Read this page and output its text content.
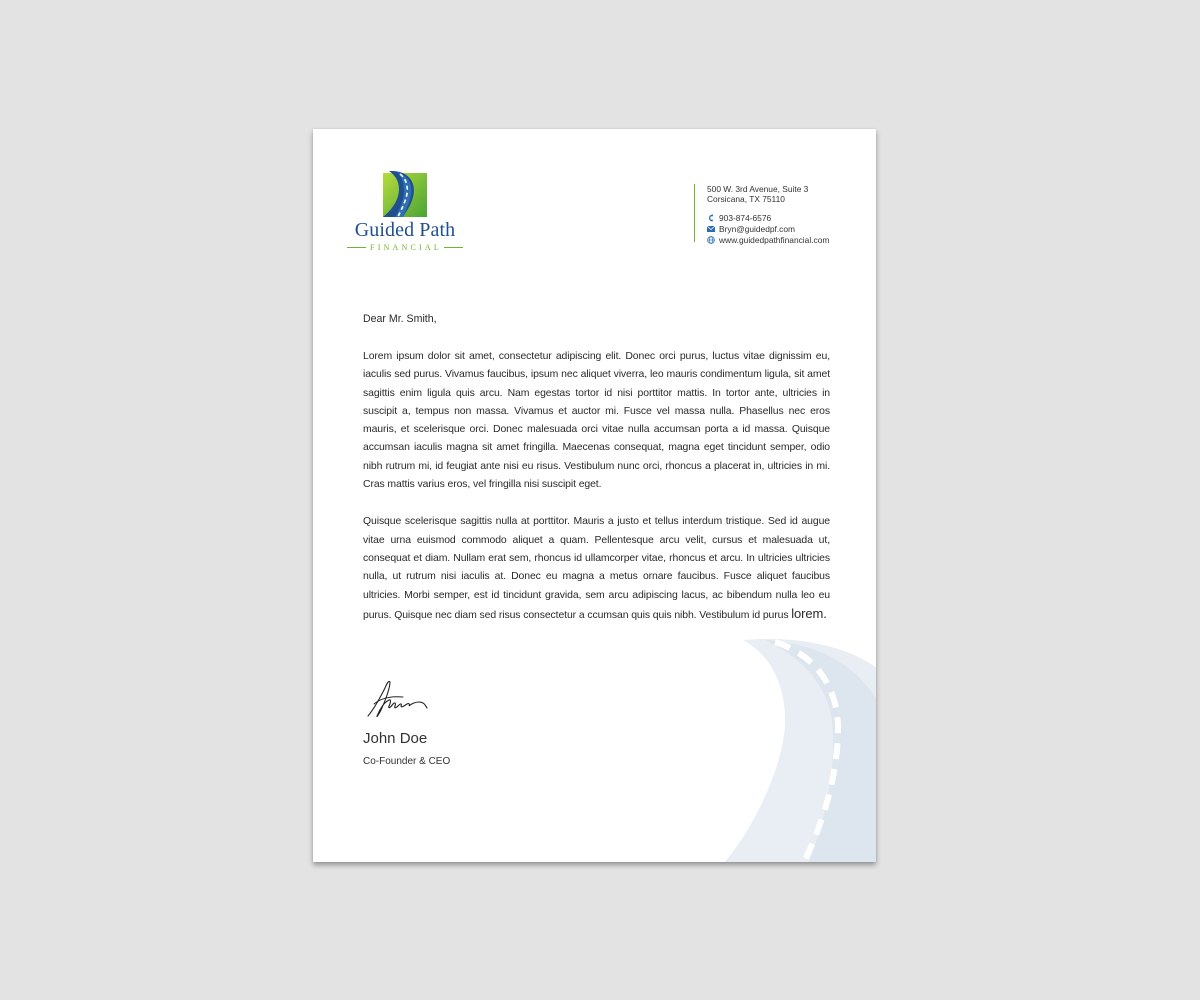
Guided Path
FINANCIAL
500 W. 3rd Avenue, Suite 3
Corsicana, TX 75110
903-874-6576
Bryn@guidedpf.com
www.guidedpathfinancial.com

Dear Mr. Smith,

Lorem ipsum dolor sit amet, consectetur adipiscing elit. Donec orci purus, luctus vitae dignissim eu, iaculis sed purus. Vivamus faucibus, ipsum nec aliquet viverra, leo mauris condimentum ligula, sit amet sagittis enim ligula quis arcu. Nam egestas tortor id nisi porttitor mattis. In tortor ante, ultricies in suscipit a, tempus non massa. Vivamus et auctor mi. Fusce vel massa nulla. Phasellus nec eros mauris, et scelerisque orci. Donec malesuada orci vitae nulla accumsan porta a id massa. Quisque accumsan iaculis magna sit amet fringilla. Maecenas consequat, magna eget tincidunt semper, odio nibh rutrum mi, id feugiat ante nisi eu risus. Vestibulum nunc orci, rhoncus a placerat in, ultricies in mi. Cras mattis varius eros, vel fringilla nisi suscipit eget.

Quisque scelerisque sagittis nulla at porttitor. Mauris a justo et tellus interdum tristique. Sed id augue vitae urna euismod commodo aliquet a quam. Pellentesque arcu velit, cursus et malesuada ut, consequat et diam. Nullam erat sem, rhoncus id ullamcorper vitae, rhoncus et arcu. In ultricies ultricies nulla, ut rutrum nisi iaculis at. Donec eu magna a metus ornare faucibus. Fusce aliquet faucibus ultricies. Morbi semper, est id tincidunt gravida, sem arcu adipiscing lacus, ac bibendum nulla leo eu purus. Quisque nec diam sed risus consectetur a ccumsan quis quis nibh. Vestibulum id purus lorem.

John Doe
Co-Founder & CEO
